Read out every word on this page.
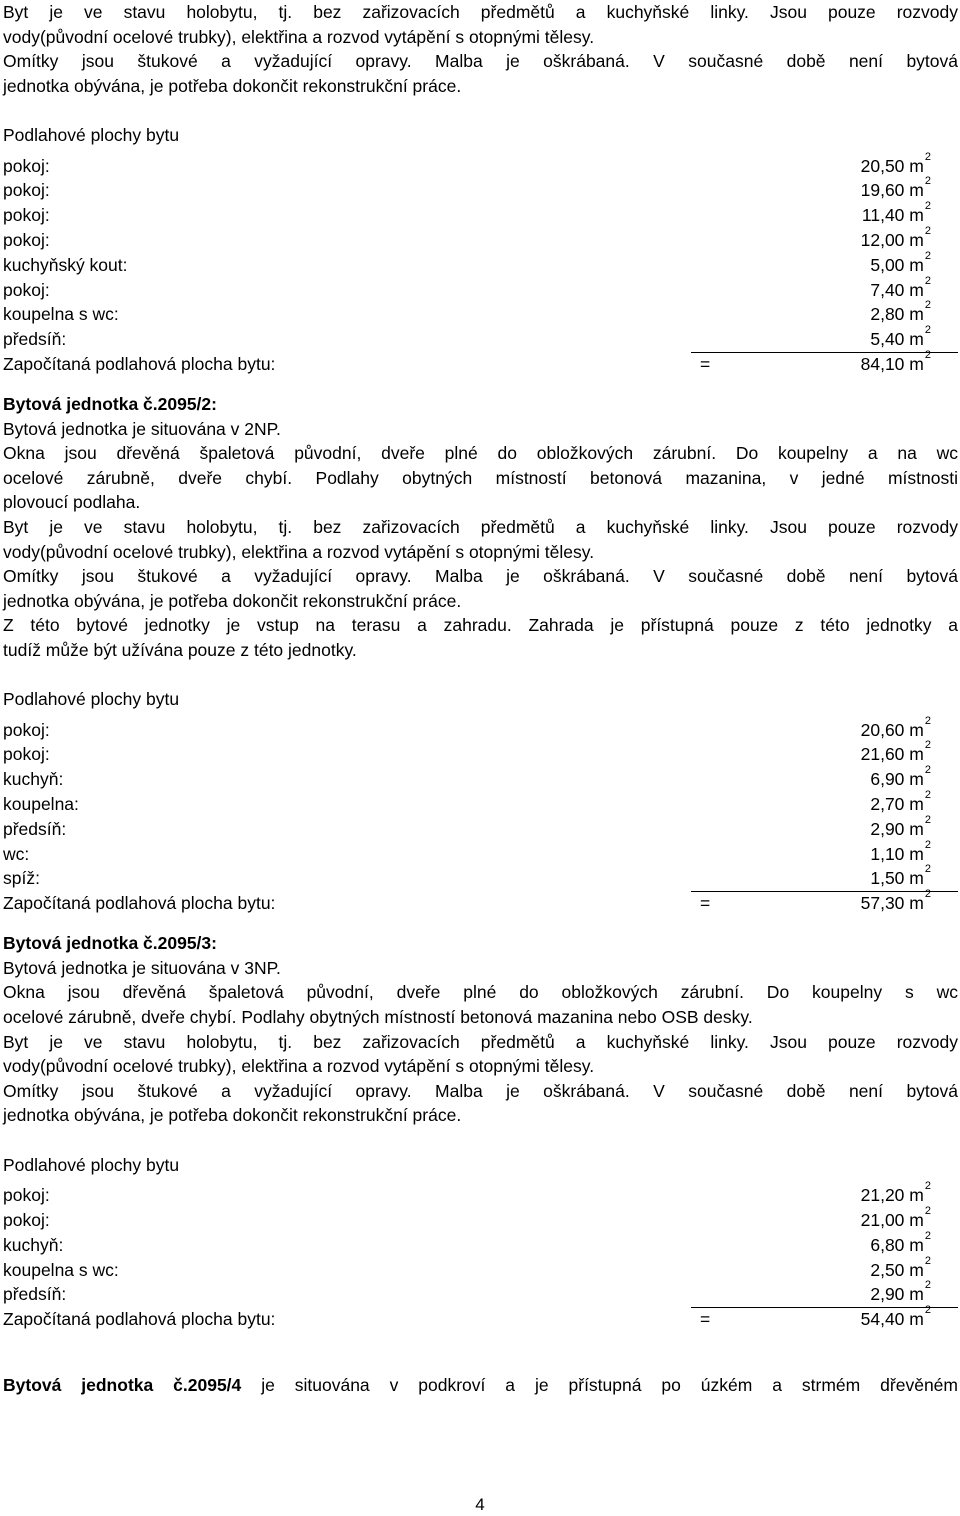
Byt je ve stavu holobytu, tj. bez zařizovacích předmětů a kuchyňské linky. Jsou pouze rozvody

vody(původní ocelové trubky), elektřina a rozvod vytápění s otopnými tělesy.

Omítky jsou štukové a vyžadující opravy. Malba je oškrábaná. V současné době není bytová

jednotka obývána, je potřeba dokončit rekonstrukční práce.

Podlahové plochy bytu

pokoj:	20,50 $m^2$
pokoj:	19,60 $m^2$
pokoj:	11,40 $m^2$
pokoj:	12,00 $m^2$
kuchyňský kout:	5,00 $m^2$
pokoj:	7,40 $m^2$
koupelna s wc:	2,80 $m^2$
předsíň:	5,40 $m^2$
Započítaná podlahová plocha bytu:	=	84,10 $m^2$

Bytová jednotka č.2095/2:

Bytová jednotka je situována v 2NP.

Okna jsou dřevěná špaletová původní, dveře plné do obložkových zárubní. Do koupelny a na wc

ocelové zárubně, dveře chybí. Podlahy obytných místností betonová mazanina, v jedné místnosti

plovoucí podlaha.

Byt je ve stavu holobytu, tj. bez zařizovacích předmětů a kuchyňské linky. Jsou pouze rozvody

vody(původní ocelové trubky), elektřina a rozvod vytápění s otopnými tělesy.

Omítky jsou štukové a vyžadující opravy. Malba je oškrábaná. V současné době není bytová

jednotka obývána, je potřeba dokončit rekonstrukční práce.

Z této bytové jednotky je vstup na terasu a zahradu. Zahrada je přístupná pouze z této jednotky a

tudíž může být užívána pouze z této jednotky.

Podlahové plochy bytu

pokoj:	20,60 $m^2$
pokoj:	21,60 $m^2$
kuchyň:	6,90 $m^2$
koupelna:	2,70 $m^2$
předsíň:	2,90 $m^2$
wc:	1,10 $m^2$
spíž:	1,50 $m^2$
Započítaná podlahová plocha bytu:	=	57,30 $m^2$

Bytová jednotka č.2095/3:

Bytová jednotka je situována v 3NP.

Okna jsou dřevěná špaletová původní, dveře plné do obložkových zárubní. Do koupelny s wc

ocelové zárubně, dveře chybí. Podlahy obytných místností betonová mazanina nebo OSB desky.

Byt je ve stavu holobytu, tj. bez zařizovacích předmětů a kuchyňské linky. Jsou pouze rozvody

vody(původní ocelové trubky), elektřina a rozvod vytápění s otopnými tělesy.

Omítky jsou štukové a vyžadující opravy. Malba je oškrábaná. V současné době není bytová

jednotka obývána, je potřeba dokončit rekonstrukční práce.

Podlahové plochy bytu

pokoj:	21,20 $m^2$
pokoj:	21,00 $m^2$
kuchyň:	6,80 $m^2$
koupelna s wc:	2,50 $m^2$
předsíň:	2,90 $m^2$
Započítaná podlahová plocha bytu:	=	54,40 $m^2$

Bytová jednotka č.2095/4 je situována v podkroví a je přístupná po úzkém a strmém dřevěném

4
